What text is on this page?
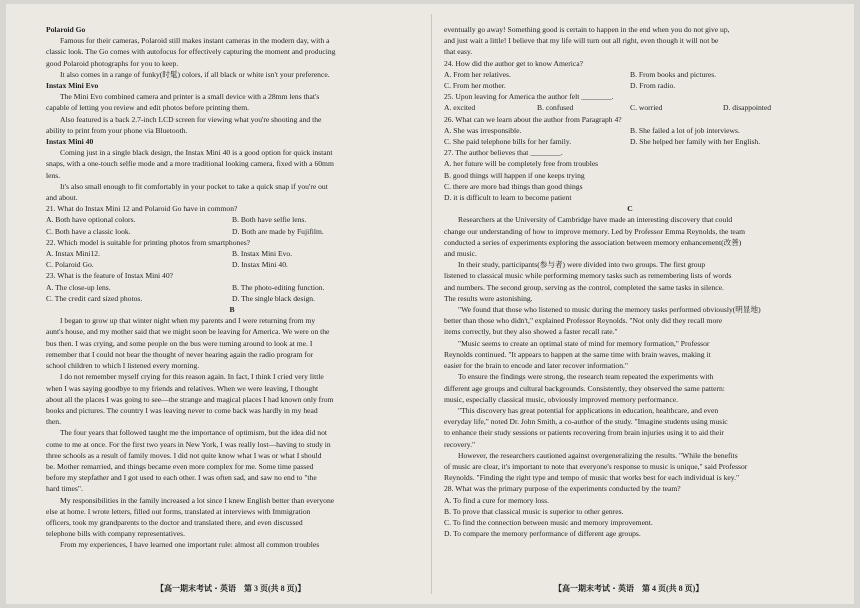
Polaroid Go
Famous for their cameras, Polaroid still makes instant cameras in the modern day, with a
classic look. The Go comes with autofocus for effectively capturing the moment and producing
good Polaroid photographs for you to keep.
It also comes in a range of funky(时髦) colors, if all black or white isn't your preference.
Instax Mini Evo
The Mini Evo combined camera and printer is a small device with a 28mm lens that's
capable of letting you review and edit photos before printing them.
Also featured is a back 2.7-inch LCD screen for viewing what you're shooting and the
ability to print from your phone via Bluetooth.
Instax Mini 40
Coming just in a single black design, the Instax Mini 40 is a good option for quick instant
snaps, with a one-touch selfie mode and a more traditional looking camera, fixed with a 60mm
lens.
It's also small enough to fit comfortably in your pocket to take a quick snap if you're out
and about.
21. What do Instax Mini 12 and Polaroid Go have in common?
A. Both have optional colors.	B. Both have selfie lens.
C. Both have a classic look.	D. Both are made by Fujifilm.
22. Which model is suitable for printing photos from smartphones?
A. Instax Mini12.	B. Instax Mini Evo.
C. Polaroid Go.	D. Instax Mini 40.
23. What is the feature of Instax Mini 40?
A. The close-up lens.	B. The photo-editing function.
C. The credit card sized photos.	D. The single black design.
B
I began to grow up that winter night when my parents and I were returning from my
aunt's house, and my mother said that we might soon be leaving for America. We were on the
bus then. I was crying, and some people on the bus were turning around to look at me. I
remember that I could not bear the thought of never hearing again the radio program for
school children to which I listened every morning.
I do not remember myself crying for this reason again. In fact, I think I cried very little
when I was saying goodbye to my friends and relatives. When we were leaving, I thought
about all the places I was going to see—the strange and magical places I had known only from
books and pictures. The country I was leaving never to come back was hardly in my head
then.
The four years that followed taught me the importance of optimism, but the idea did not
come to me at once. For the first two years in New York, I was really lost—having to study in
three schools as a result of family moves. I did not quite know what I was or what I should
be. Mother remarried, and things became even more complex for me. Some time passed
before my stepfather and I got used to each other. I was often sad, and saw no end to "the
hard times".
My responsibilities in the family increased a lot since I knew English better than everyone
else at home. I wrote letters, filled out forms, translated at interviews with Immigration
officers, took my grandparents to the doctor and translated there, and even discussed
telephone bills with company representatives.
From my experiences, I have learned one important rule: almost all common troubles
eventually go away! Something good is certain to happen in the end when you do not give up,
and just wait a little! I believe that my life will turn out all right, even though it will not be
that easy.
24. How did the author get to know America?
A. From her relatives.	B. From books and pictures.
C. From her mother.	D. From radio.
25. Upon leaving for America the author felt ________.
A. excited	B. confused	C. worried	D. disappointed
26. What can we learn about the author from Paragraph 4?
A. She was irresponsible.	B. She failed a lot of job interviews.
C. She paid telephone bills for her family.	D. She helped her family with her English.
27. The author believes that ________.
A. her future will be completely free from troubles
B. good things will happen if one keeps trying
C. there are more bad things than good things
D. it is difficult to learn to become patient
C
Researchers at the University of Cambridge have made an interesting discovery that could
change our understanding of how to improve memory. Led by Professor Emma Reynolds, the team
conducted a series of experiments exploring the association between memory enhancement(改善)
and music.
In their study, participants(参与者) were divided into two groups. The first group
listened to classical music while performing memory tasks such as remembering lists of words
and numbers. The second group, serving as the control, completed the same tasks in silence.
The results were astonishing.
"We found that those who listened to music during the memory tasks performed obviously(明显地)
better than those who didn't," explained Professor Reynolds. "Not only did they recall more
items correctly, but they also showed a faster recall rate."
"Music seems to create an optimal state of mind for memory formation," Professor
Reynolds continued. "It appears to happen at the same time with brain waves, making it
easier for the brain to encode and later recover information."
To ensure the findings were strong, the research team repeated the experiments with
different age groups and cultural backgrounds. Consistently, they observed the same pattern:
music, especially classical music, obviously improved memory performance.
"This discovery has great potential for applications in education, healthcare, and even
everyday life," noted Dr. John Smith, a co-author of the study. "Imagine students using music
to enhance their study sessions or patients recovering from brain injuries using it to aid their
recovery."
However, the researchers cautioned against overgeneralizing the results. "While the benefits
of music are clear, it's important to note that everyone's response to music is unique," said Professor
Reynolds. "Finding the right type and tempo of music that works best for each individual is key."
28. What was the primary purpose of the experiments conducted by the team?
A. To find a cure for memory loss.
B. To prove that classical music is superior to other genres.
C. To find the connection between music and memory improvement.
D. To compare the memory performance of different age groups.
【高一期末考试・英语　第 3 页(共 8 页)】	【高一期末考试・英语　第 4 页(共 8 页)】
